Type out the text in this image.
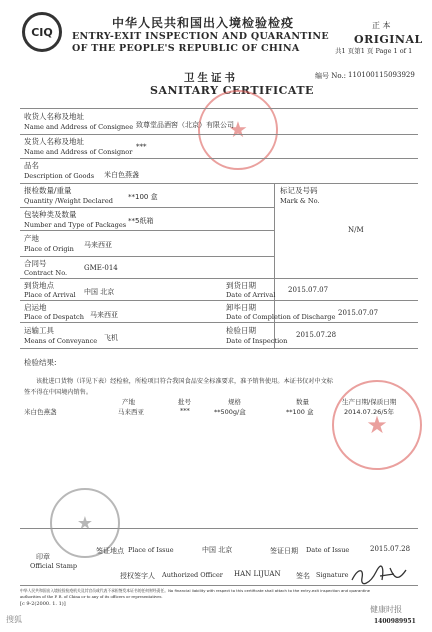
CIQ
中华人民共和国出入境检验检疫
ENTRY-EXIT INSPECTION AND QUARANTINE
OF THE PEOPLE'S REPUBLIC OF CHINA
正 本
ORIGINAL
共1 页第1 页 Page 1 of 1
卫生证书
SANITARY CERTIFICATE
编号 No.: 110100115093929
★
收货人名称及地址
Name and Address of Consignee 致尊堂品酒窖（北京）有限公司
发货人名称及地址
Name and Address of Consignor
***
品名
Description of Goods 米白色燕盏
报检数量/重量
Quantity /Weight Declared **100 盒
标记及号码
Mark & No.
N/M
包装种类及数量
Number and Type of Packages **5纸箱
产地
Place of Origin 马来西亚
合同号
Contract No.
GME-014
到货地点
Place of Arrival 中国 北京
到货日期
Date of Arrival
2015.07.07
启运地
Place of Despatch 马来西亚
卸毕日期
Date of Completion of Discharge 2015.07.07
运输工具
Means of Conveyance 飞机
检验日期
Date of Inspection
2015.07.28
检验结果:
该批进口货物（详见下表）经检验，所检项目符合我国食品安全标准要求，准予销售使用。本证书仅对中文标
签不得在中国境内销售。
产地	批号	规格	数量	生产日期/保质日期
米白色燕盏	马来西亚	***	**500g/盒	**100 盒	2014.07.26/5年
★
★
印章
Official Stamp
签证地点 Place of Issue	中国 北京	签证日期 Date of Issue	2015.07.28
授权签字人 Authorized Officer HAN LIJUAN 签名 Signature
中华人民共和国出入境检验检疫机关及其官员或代表不承担签发本证书的任何财经责任。No financial liability with respect to this certificate shall attach to the entry-exit inspection and quarantine
authorities of the P. R. of China or to any of its officers or representatives.
[c 9-2(2000. 1. 1)]
搜狐
健康时报
1400989951
